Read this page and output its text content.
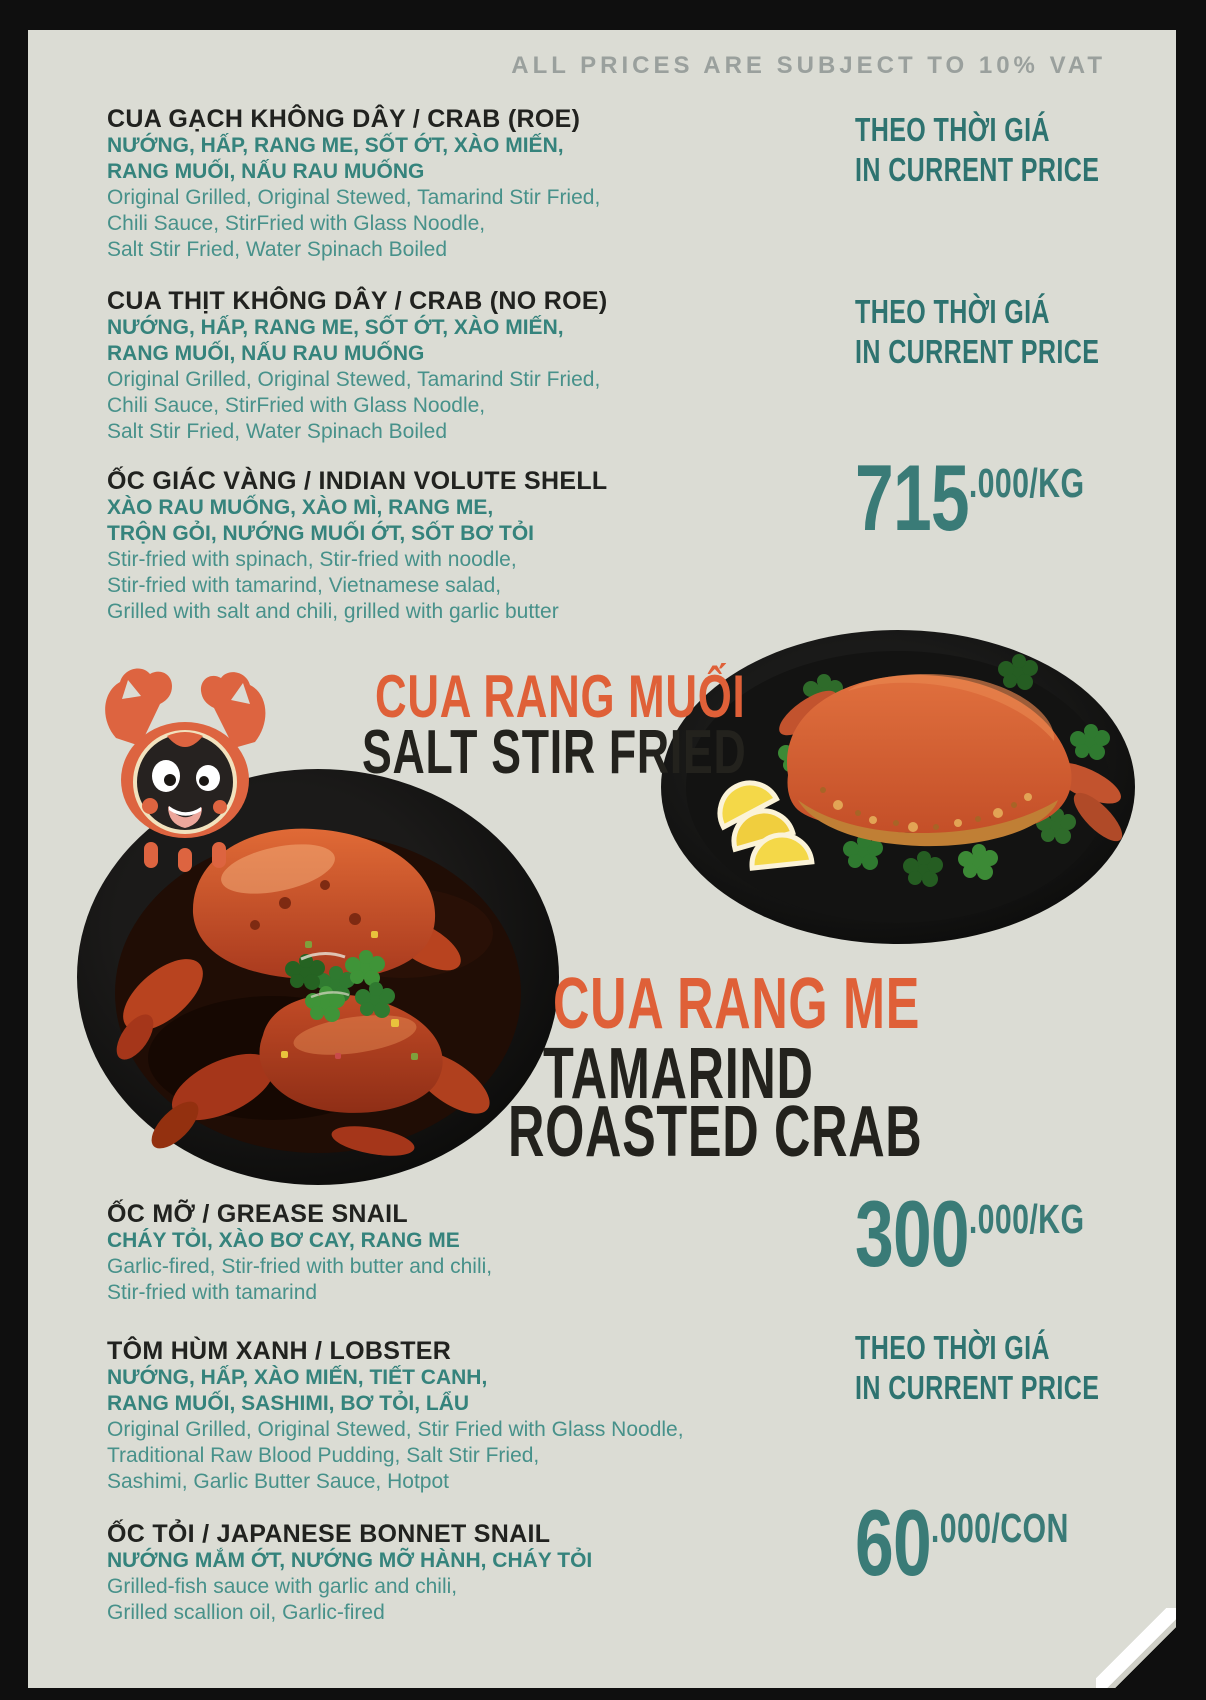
ALL PRICES ARE SUBJECT TO 10% VAT
CUA GẠCH KHÔNG DÂY / CRAB (ROE)
NƯỚNG, HẤP, RANG ME, SỐT ỚT, XÀO MIẾN,
RANG MUỐI, NẤU RAU MUỐNG
Original Grilled, Original Stewed, Tamarind Stir Fried,
Chili Sauce, StirFried with Glass Noodle,
Salt Stir Fried, Water Spinach Boiled
THEO THỜI GIÁ
IN CURRENT PRICE
CUA THỊT KHÔNG DÂY / CRAB (NO ROE)
NƯỚNG, HẤP, RANG ME, SỐT ỚT, XÀO MIẾN,
RANG MUỐI, NẤU RAU MUỐNG
Original Grilled, Original Stewed, Tamarind Stir Fried,
Chili Sauce, StirFried with Glass Noodle,
Salt Stir Fried, Water Spinach Boiled
THEO THỜI GIÁ
IN CURRENT PRICE
ỐC GIÁC VÀNG / INDIAN VOLUTE SHELL
XÀO RAU MUỐNG, XÀO MÌ, RANG ME,
TRỘN GỎI, NƯỚNG MUỐI ỚT, SỐT BƠ TỎI
Stir-fried with spinach, Stir-fried with noodle,
Stir-fried with tamarind, Vietnamese salad,
Grilled with salt and chili, grilled with garlic butter
715 .000/KG
CUA RANG MUỐI
SALT STIR FRIED
CUA RANG ME
TAMARIND
ROASTED CRAB
ỐC MỠ / GREASE SNAIL
CHÁY TỎI, XÀO BƠ CAY, RANG ME
Garlic-fired, Stir-fried with butter and chili,
Stir-fried with tamarind
300 .000/KG
TÔM HÙM XANH / LOBSTER
NƯỚNG, HẤP, XÀO MIẾN, TIẾT CANH,
RANG MUỐI, SASHIMI, BƠ TỎI, LẨU
Original Grilled, Original Stewed, Stir Fried with Glass Noodle,
Traditional Raw Blood Pudding, Salt Stir Fried,
Sashimi, Garlic Butter Sauce, Hotpot
THEO THỜI GIÁ
IN CURRENT PRICE
ỐC TỎI / JAPANESE BONNET SNAIL
NƯỚNG MẮM ỚT, NƯỚNG MỠ HÀNH, CHÁY TỎI
Grilled-fish sauce with garlic and chili,
Grilled scallion oil, Garlic-fired
60 .000/CON
